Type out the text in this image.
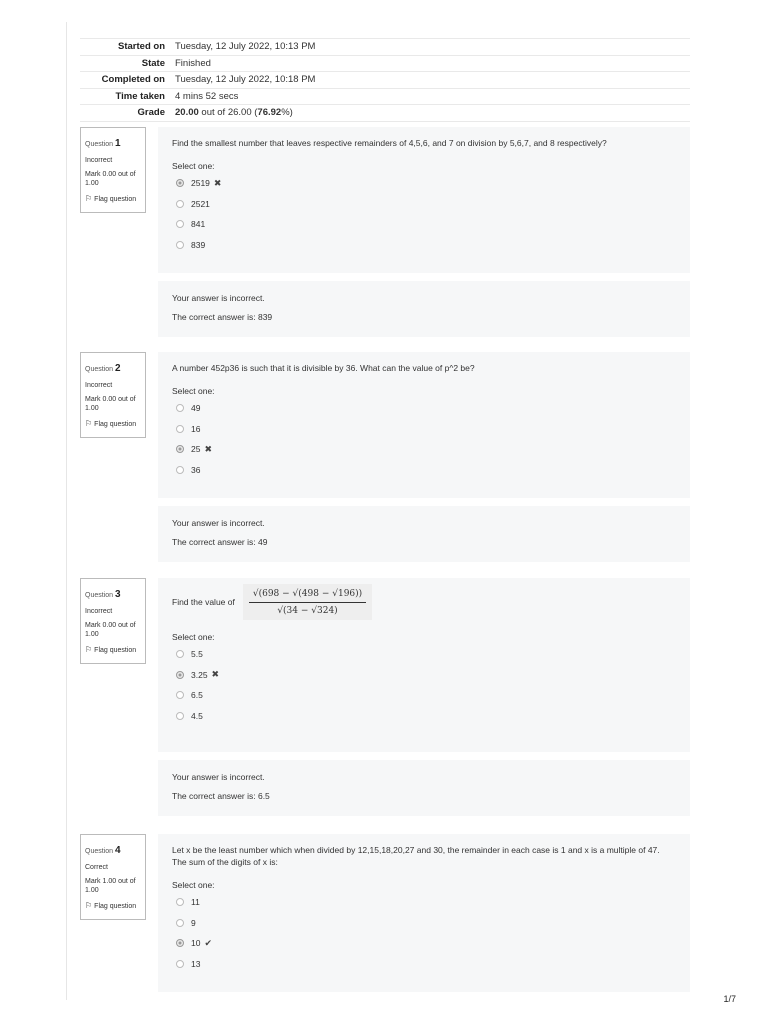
Started on	Tuesday, 12 July 2022, 10:13 PM
State	Finished
Completed on	Tuesday, 12 July 2022, 10:18 PM
Time taken	4 mins 52 secs
Grade	20.00 out of 26.00 (76.92%)
Question 1
Incorrect
Mark 0.00 out of 1.00
⚐ Flag question
Find the smallest number that leaves respective remainders of 4,5,6, and 7 on division by 5,6,7, and 8 respectively?
Select one:
2519 ✖
2521
841
839
Your answer is incorrect.
The correct answer is: 839
Question 2
Incorrect
Mark 0.00 out of 1.00
⚐ Flag question
A number 452p36 is such that it is divisible by 36. What can the value of p^2 be?
Select one:
49
16
25 ✖
36
Your answer is incorrect.
The correct answer is: 49
Question 3
Incorrect
Mark 0.00 out of 1.00
⚐ Flag question
Find the value of $\frac{√(698 - √(498 - √196))}{√(34 - √324)}$
Select one:
5.5
3.25 ✖
6.5
4.5
Your answer is incorrect.
The correct answer is: 6.5
Question 4
Correct
Mark 1.00 out of 1.00
⚐ Flag question
Let x be the least number which when divided by 12,15,18,20,27 and 30, the remainder in each case is 1 and x is a multiple of 47. The sum of the digits of x is:
Select one:
11
9
10 ✔
13
1/7
